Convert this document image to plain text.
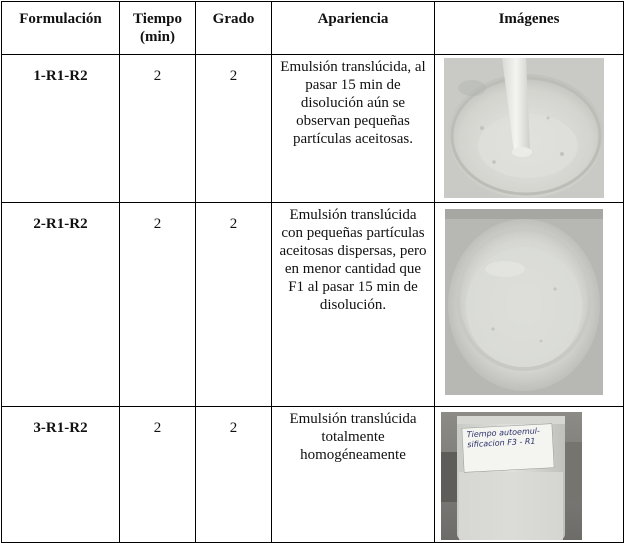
Formulación	Tiempo (min)	Grado	Apariencia	Imágenes
1-R1-R2	2	2	Emulsión translúcida, al pasar 15 min de disolución aún se observan pequeñas partículas aceitosas.	

2-R1-R2	2	2	Emulsión translúcida con pequeñas partículas aceitosas dispersas, pero en menor cantidad que F1 al pasar 15 min de disolución.	

3-R1-R2	2	2	Emulsión translúcida totalmente homogéneamente	Tiempo autoemul- sificacion F3 - R1
